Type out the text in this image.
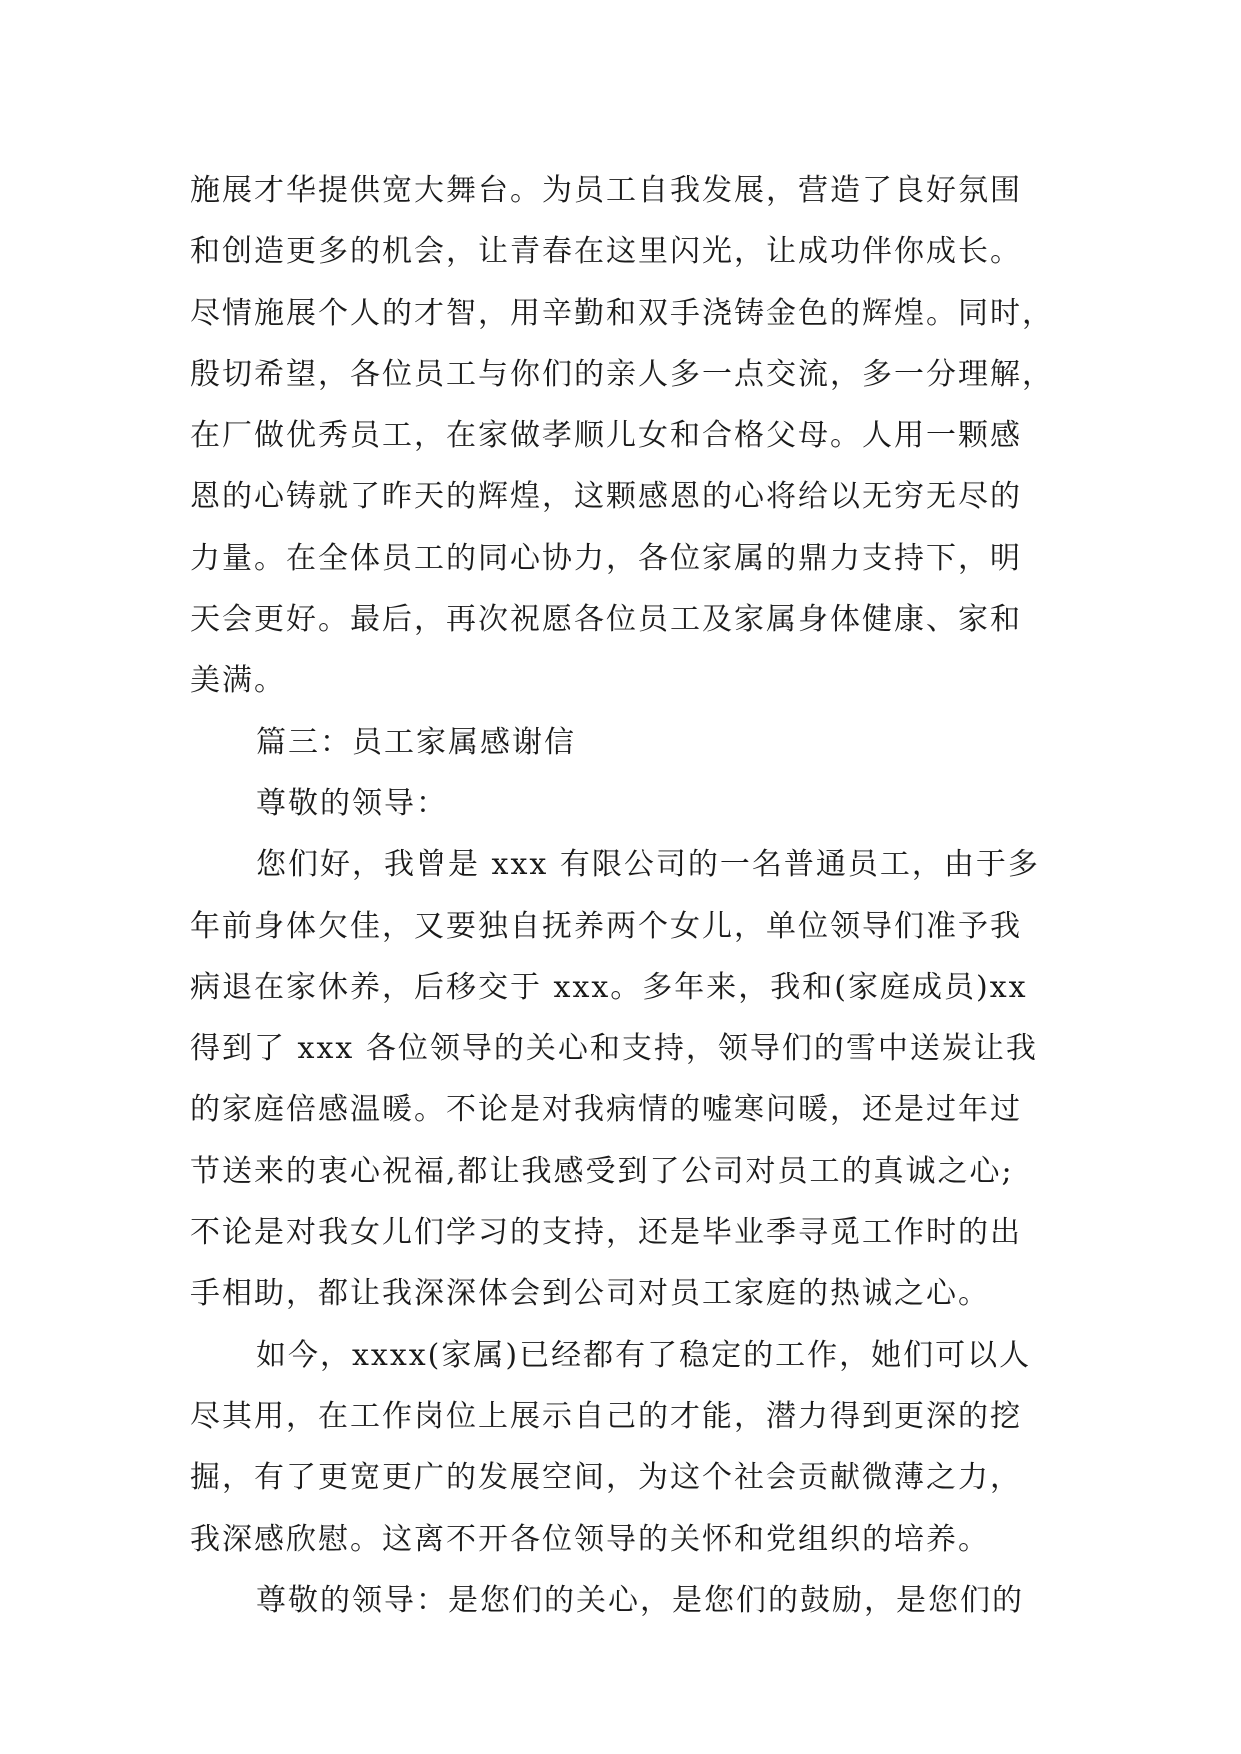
施展才华提供宽大舞台。为员工自我发展，营造了良好氛围
和创造更多的机会，让青春在这里闪光，让成功伴你成长。
尽情施展个人的才智，用辛勤和双手浇铸金色的辉煌。同时，
殷切希望，各位员工与你们的亲人多一点交流，多一分理解，
在厂做优秀员工，在家做孝顺儿女和合格父母。人用一颗感
恩的心铸就了昨天的辉煌，这颗感恩的心将给以无穷无尽的
力量。在全体员工的同心协力，各位家属的鼎力支持下，明
天会更好。最后，再次祝愿各位员工及家属身体健康、家和
美满。
篇三：员工家属感谢信
尊敬的领导：
您们好，我曾是 xxx 有限公司的一名普通员工，由于多
年前身体欠佳，又要独自抚养两个女儿，单位领导们准予我
病退在家休养，后移交于 xxx。多年来，我和(家庭成员)xx
得到了 xxx 各位领导的关心和支持，领导们的雪中送炭让我
的家庭倍感温暖。不论是对我病情的嘘寒问暖，还是过年过
节送来的衷心祝福,都让我感受到了公司对员工的真诚之心;
不论是对我女儿们学习的支持，还是毕业季寻觅工作时的出
手相助，都让我深深体会到公司对员工家庭的热诚之心。
如今，xxxx(家属)已经都有了稳定的工作，她们可以人
尽其用，在工作岗位上展示自己的才能，潜力得到更深的挖
掘，有了更宽更广的发展空间，为这个社会贡献微薄之力，
我深感欣慰。这离不开各位领导的关怀和党组织的培养。
尊敬的领导：是您们的关心，是您们的鼓励，是您们的
